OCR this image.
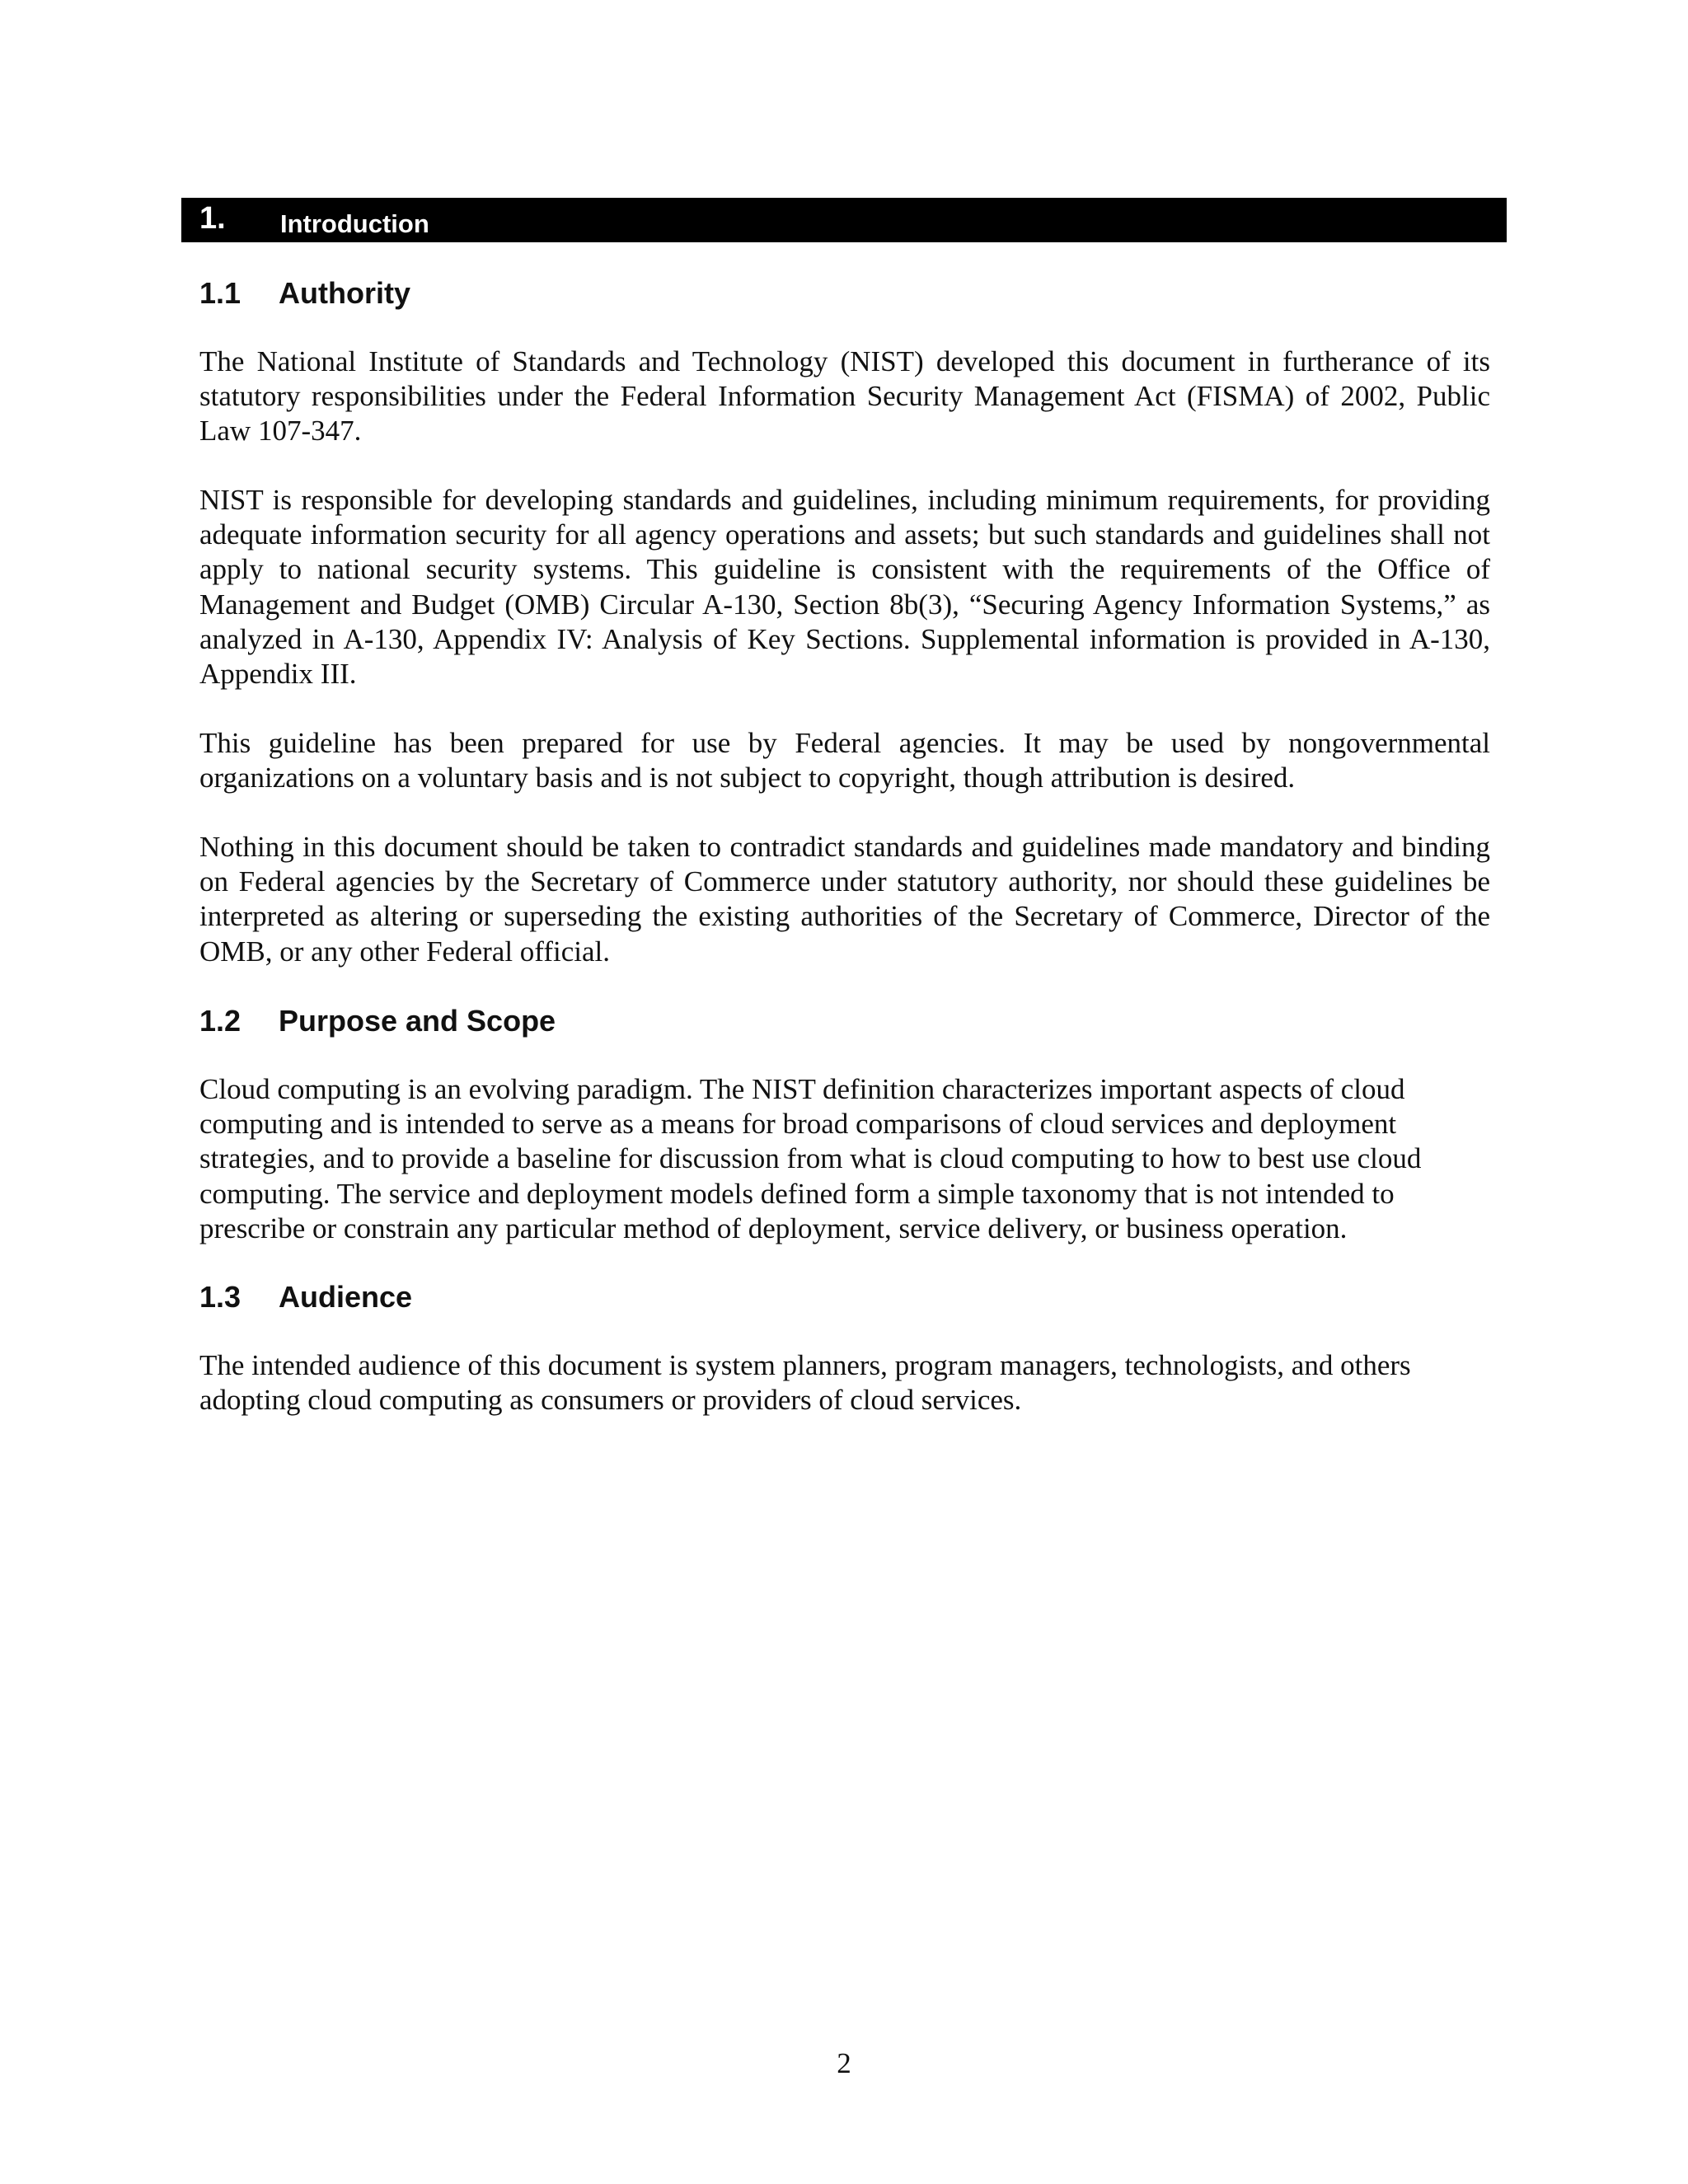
1.	Introduction
1.1	Authority

The National Institute of Standards and Technology (NIST) developed this document in furtherance of its statutory responsibilities under the Federal Information Security Management Act (FISMA) of 2002, Public Law 107-347.

NIST is responsible for developing standards and guidelines, including minimum requirements, for providing adequate information security for all agency operations and assets; but such standards and guidelines shall not apply to national security systems. This guideline is consistent with the requirements of the Office of Management and Budget (OMB) Circular A-130, Section 8b(3), “Securing Agency Information Systems,” as analyzed in A-130, Appendix IV: Analysis of Key Sections. Supplemental information is provided in A-130, Appendix III.

This guideline has been prepared for use by Federal agencies. It may be used by nongovernmental organizations on a voluntary basis and is not subject to copyright, though attribution is desired.

Nothing in this document should be taken to contradict standards and guidelines made mandatory and binding on Federal agencies by the Secretary of Commerce under statutory authority, nor should these guidelines be interpreted as altering or superseding the existing authorities of the Secretary of Commerce, Director of the OMB, or any other Federal official.

1.2	Purpose and Scope

Cloud computing is an evolving paradigm. The NIST definition characterizes important aspects of cloud computing and is intended to serve as a means for broad comparisons of cloud services and deployment strategies, and to provide a baseline for discussion from what is cloud computing to how to best use cloud computing. The service and deployment models defined form a simple taxonomy that is not intended to prescribe or constrain any particular method of deployment, service delivery, or business operation.

1.3	Audience

The intended audience of this document is system planners, program managers, technologists, and others adopting cloud computing as consumers or providers of cloud services.

2
